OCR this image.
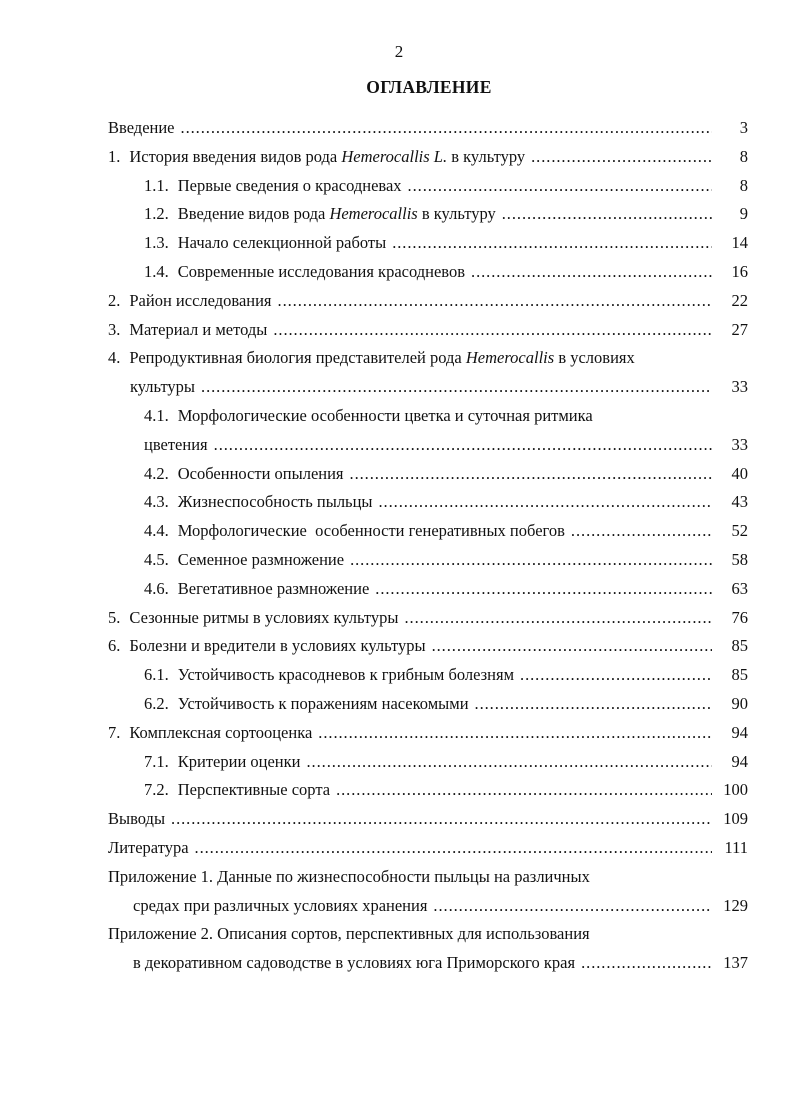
2
ОГЛАВЛЕНИЕ
Введение . . .	3
1. История введения видов рода Hemerocallis L. в культуру . . .	8
1.1. Первые сведения о красодневах . . .	8
1.2. Введение видов рода Hemerocallis в культуру . . .	9
1.3. Начало селекционной работы . . .	14
1.4. Современные исследования красодневов . . .	16
2. Район исследования . . .	22
3. Материал и методы . . .	27
4. Репродуктивная биология представителей рода Hemerocallis в условиях
культуры . . .	33
4.1. Морфологические особенности цветка и суточная ритмика
цветения . . .	33
4.2. Особенности опыления . . .	40
4.3. Жизнеспособность пыльцы . . .	43
4.4. Морфологические  особенности генеративных побегов . . .	52
4.5. Семенное размножение . . .	58
4.6. Вегетативное размножение . . .	63
5. Сезонные ритмы в условиях культуры . . .	76
6. Болезни и вредители в условиях культуры . . .	85
6.1. Устойчивость красодневов к грибным болезням . . .	85
6.2. Устойчивость к поражениям насекомыми . . .	90
7. Комплексная сортооценка . . .	94
7.1. Критерии оценки . . .	94
7.2. Перспективные сорта . . .	100
Выводы . . .	109
Литература . . .	111
Приложение 1. Данные по жизнеспособности пыльцы на различных
средах при различных условиях хранения . . .	129
Приложение 2. Описания сортов, перспективных для использования
в декоративном садоводстве в условиях юга Приморского края . . .	137
